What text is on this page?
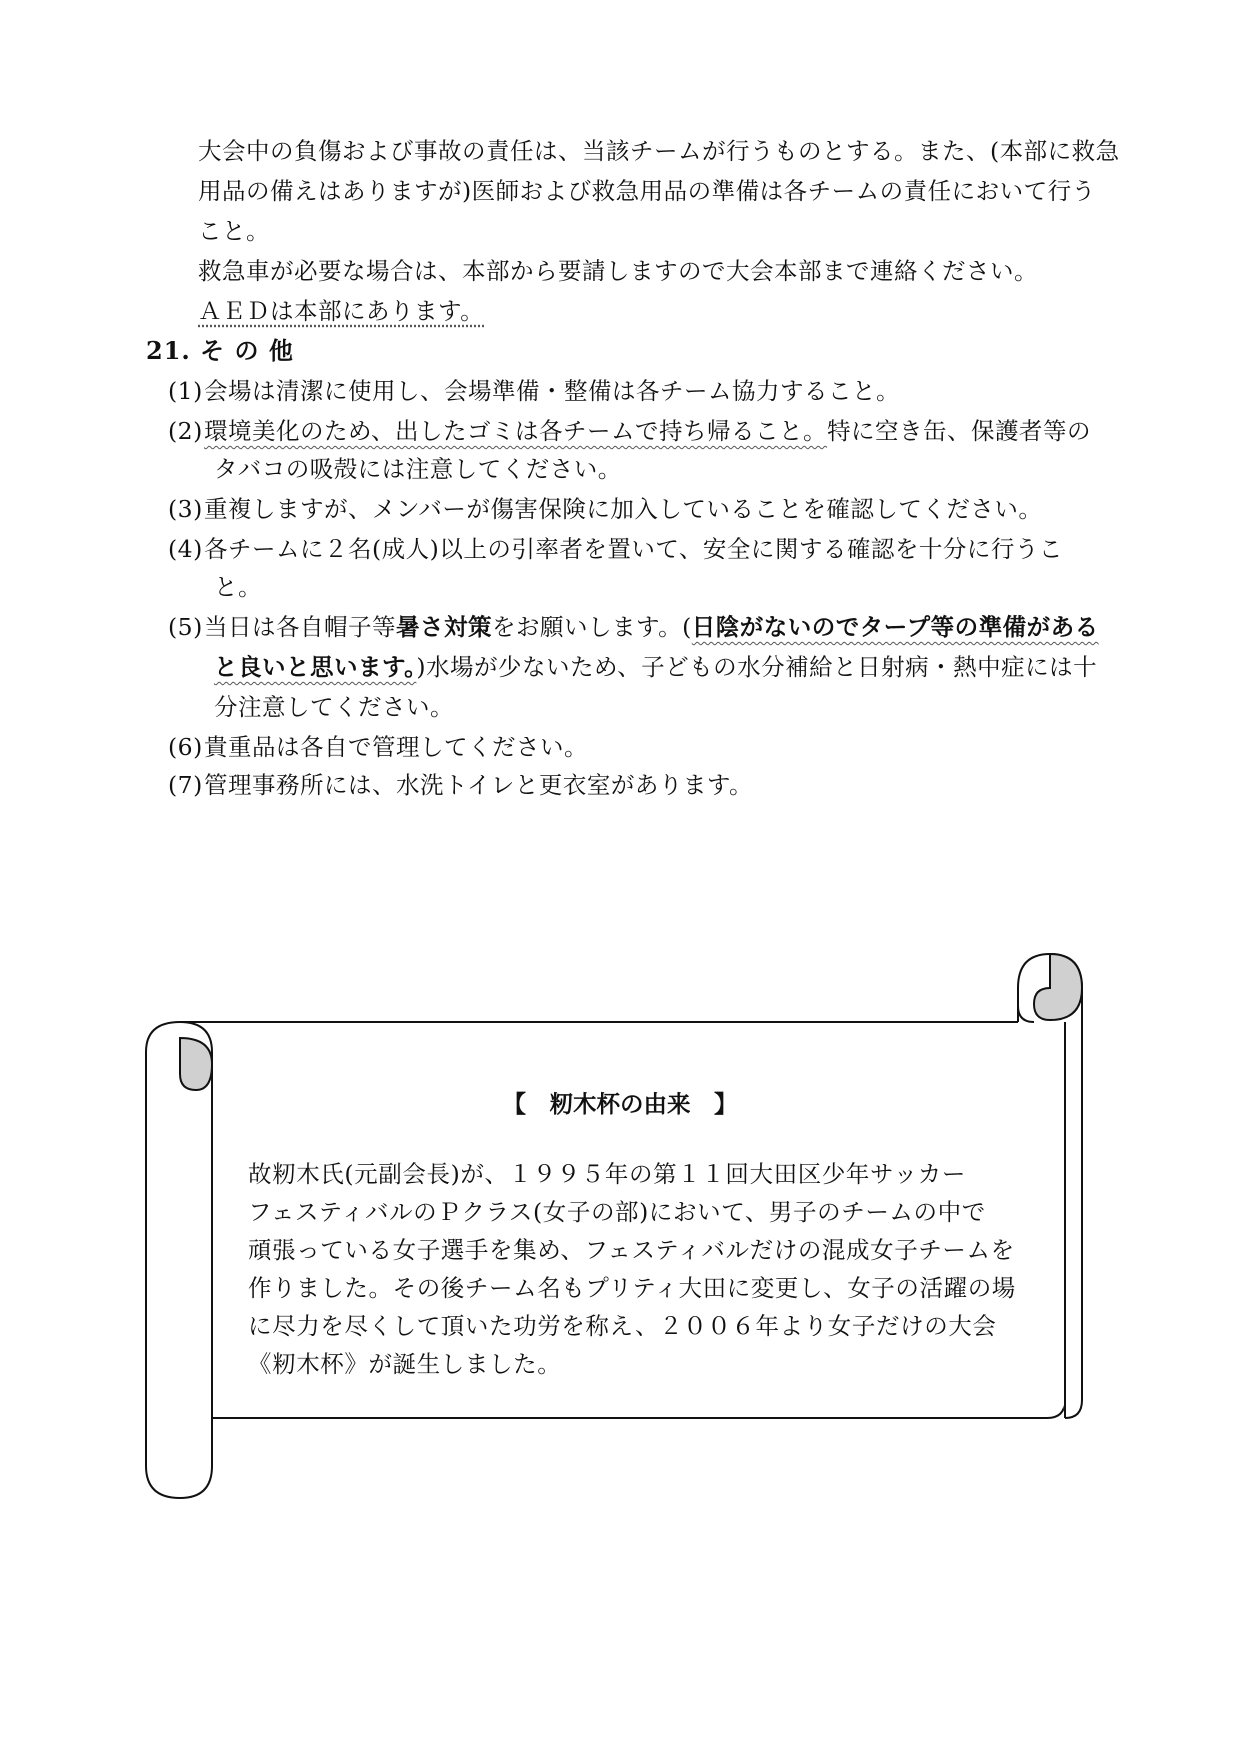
大会中の負傷および事故の責任は、当該チームが行うものとする。また、(本部に救急
用品の備えはありますが)医師および救急用品の準備は各チームの責任において行う
こと。
救急車が必要な場合は、本部から要請しますので大会本部まで連絡ください。
ＡＥＤは本部にあります。
21. そ の 他
(1)会場は清潔に使用し、会場準備・整備は各チーム協力すること。
(2)環境美化のため、出したゴミは各チームで持ち帰ること。特に空き缶、保護者等の
タバコの吸殻には注意してください。
(3)重複しますが、メンバーが傷害保険に加入していることを確認してください。
(4)各チームに２名(成人)以上の引率者を置いて、安全に関する確認を十分に行うこ
と。
(5)当日は各自帽子等暑さ対策をお願いします。(日陰がないのでタープ等の準備がある
と良いと思います。)水場が少ないため、子どもの水分補給と日射病・熱中症には十
分注意してください。
(6)貴重品は各自で管理してください。
(7)管理事務所には、水洗トイレと更衣室があります。
【　籾木杯の由来　】
故籾木氏(元副会長)が、１９９５年の第１１回大田区少年サッカー
フェスティバルのＰクラス(女子の部)において、男子のチームの中で
頑張っている女子選手を集め、フェスティバルだけの混成女子チームを
作りました。その後チーム名もプリティ大田に変更し、女子の活躍の場
に尽力を尽くして頂いた功労を称え、２００６年より女子だけの大会
《籾木杯》が誕生しました。
